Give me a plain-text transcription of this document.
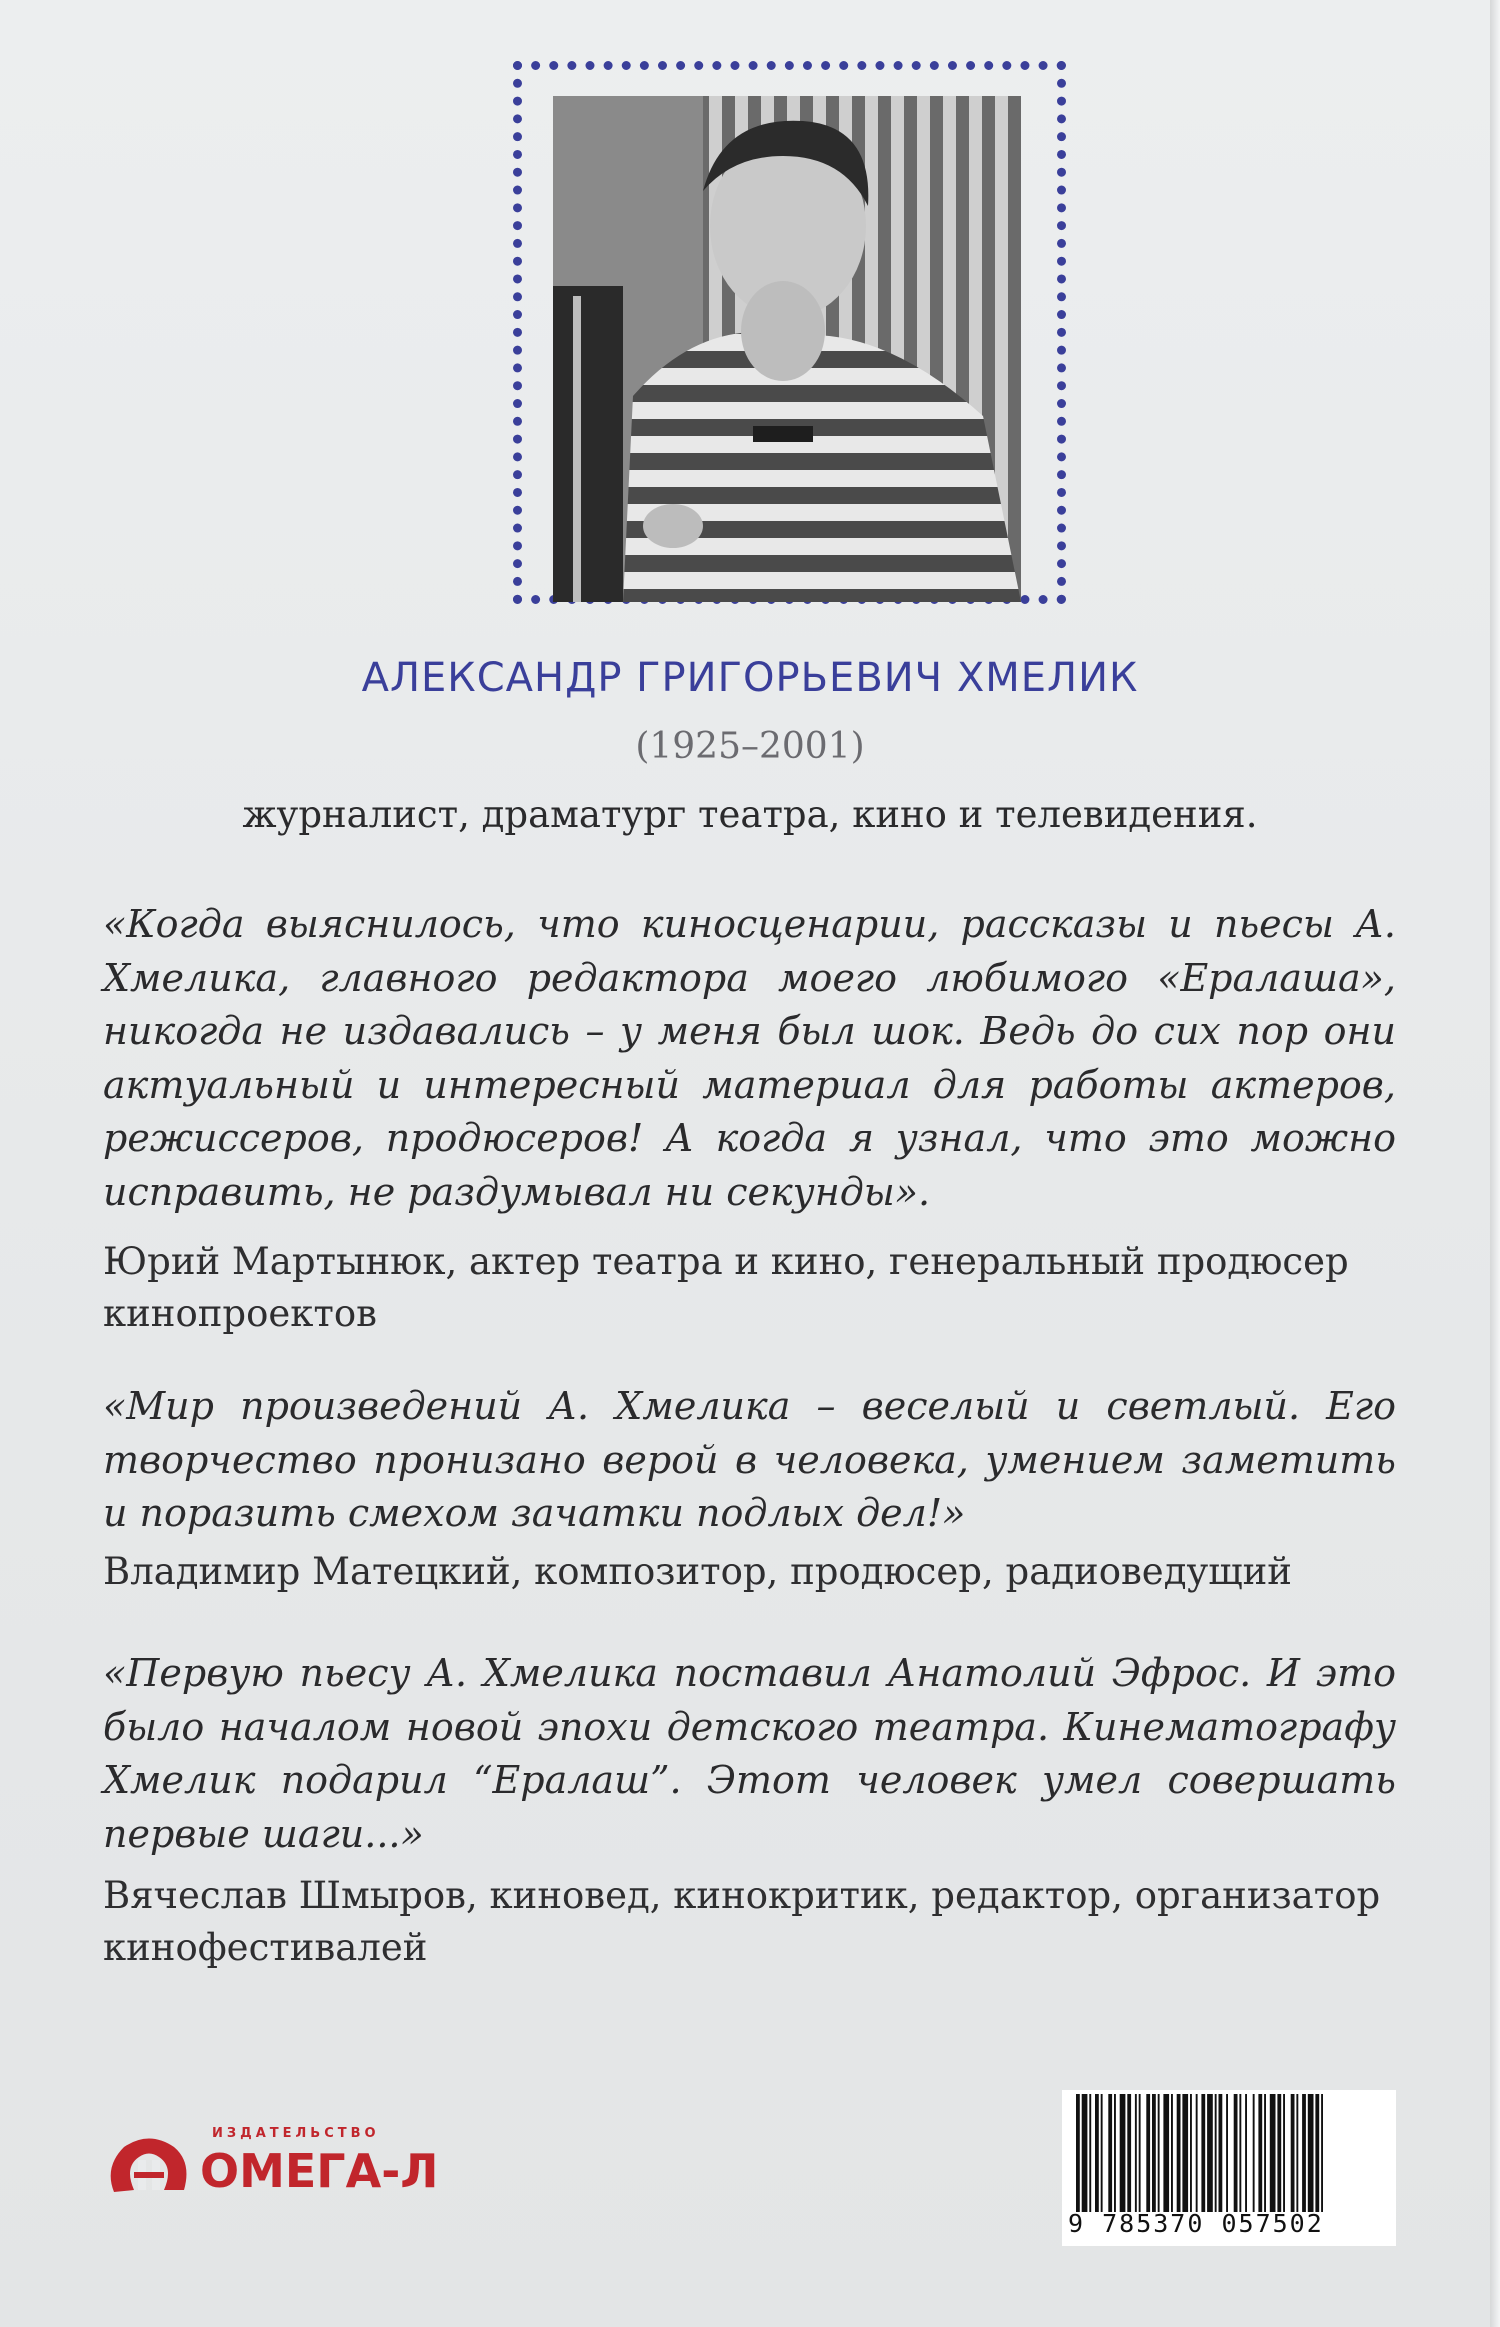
АЛЕКСАНДР ГРИГОРЬЕВИЧ ХМЕЛИК
(1925–2001)
журналист, драматург театра, кино и телевидения.

«Когда выяснилось, что киносценарии, рассказы и пьесы А. Хмелика, главного редактора моего любимого «Ералаша», никогда не издавались – у меня был шок. Ведь до сих пор они актуальный и интересный материал для работы актеров, режиссеров, продюсеров! А когда я узнал, что это можно исправить, не раздумывал ни секунды».

Юрий Мартынюк, актер театра и кино, генеральный продюсер кинопроектов

«Мир произведений А. Хмелика – веселый и светлый. Его творчество пронизано верой в человека, умением заметить и поразить смехом зачатки подлых дел!»

Владимир Матецкий, композитор, продюсер, радиоведущий

«Первую пьесу А. Хмелика поставил Анатолий Эфрос. И это было началом новой эпохи детского театра. Кинематографу Хмелик подарил “Ералаш”. Этот человек умел совершать первые шаги...»

Вячеслав Шмыров, киновед, кинокритик, редактор, организатор кинофестивалей

ИЗДАТЕЛЬСТВО
ОМЕГА-Л
9 785370 057502
